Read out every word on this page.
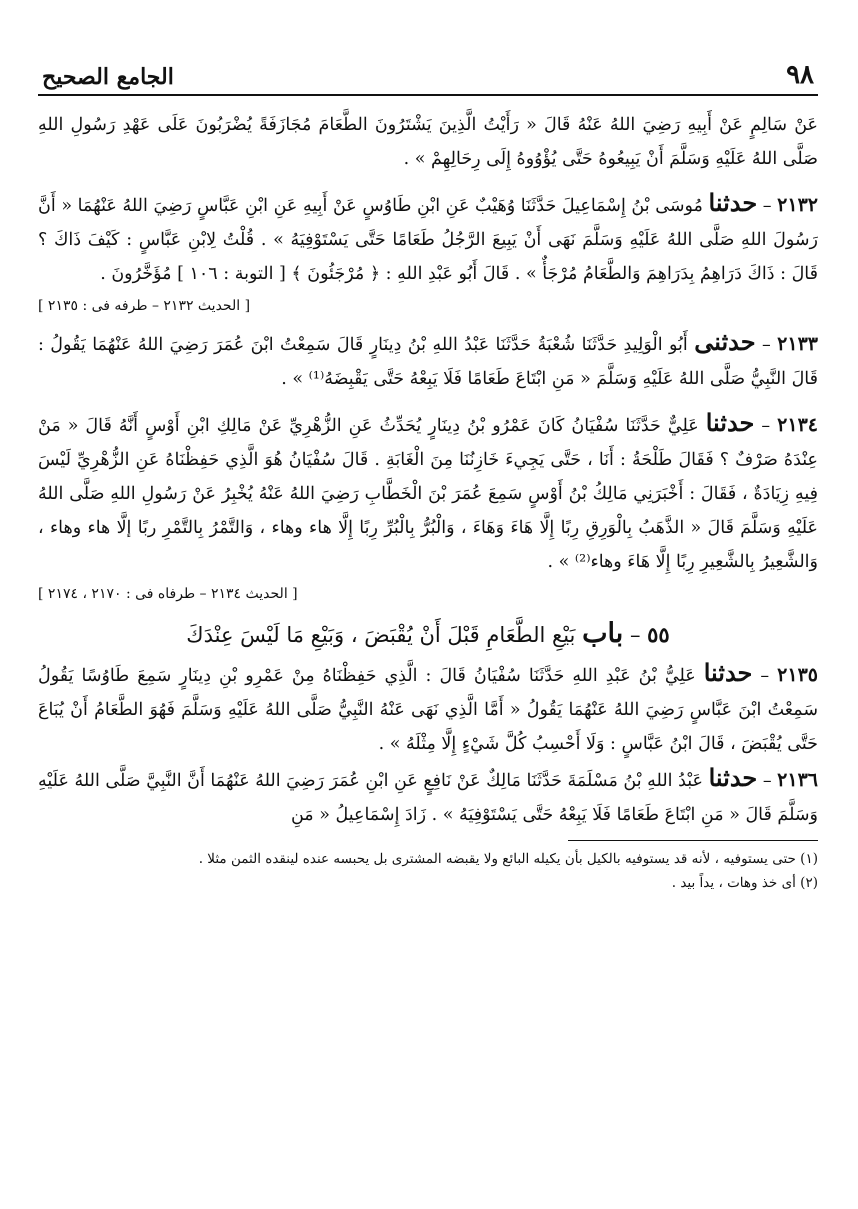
٩٨
الجامع الصحيح

عَنْ سَالِمٍ عَنْ أَبِيهِ رَضِيَ اللهُ عَنْهُ قَالَ « رَأَيْتُ الَّذِينَ يَشْتَرُونَ الطَّعَامَ مُجَازَفَةً يُضْرَبُونَ عَلَى عَهْدِ رَسُولِ اللهِ صَلَّى اللهُ عَلَيْهِ وَسَلَّمَ أَنْ يَبِيعُوهُ حَتَّى يُؤْوُوهُ إِلَى رِحَالِهِمْ » .

٢١٣٢ – حدثنا مُوسَى بْنُ إِسْمَاعِيلَ حَدَّثَنَا وُهَيْبٌ عَنِ ابْنِ طَاوُسٍ عَنْ أَبِيهِ عَنِ ابْنِ عَبَّاسٍ رَضِيَ اللهُ عَنْهُمَا « أَنَّ رَسُولَ اللهِ صَلَّى اللهُ عَلَيْهِ وَسَلَّمَ نَهَى أَنْ يَبِيعَ الرَّجُلُ طَعَامًا حَتَّى يَسْتَوْفِيَهُ » . قُلْتُ لِابْنِ عَبَّاسٍ : كَيْفَ ذَاكَ ؟ قَالَ : ذَاكَ دَرَاهِمُ بِدَرَاهِمَ وَالطَّعَامُ مُرْجَأٌ » . قَالَ أَبُو عَبْدِ اللهِ : ﴿ مُرْجَئُونَ ﴾ [ التوبة : ١٠٦ ] مُؤَخَّرُونَ .

[ الحديث ٢١٣٢ – طرفه فى : ٢١٣٥ ]

٢١٣٣ – حدثنى أَبُو الْوَلِيدِ حَدَّثَنَا شُعْبَةُ حَدَّثَنَا عَبْدُ اللهِ بْنُ دِينَارٍ قَالَ سَمِعْتُ ابْنَ عُمَرَ رَضِيَ اللهُ عَنْهُمَا يَقُولُ : قَالَ النَّبِيُّ صَلَّى اللهُ عَلَيْهِ وَسَلَّمَ « مَنِ ابْتَاعَ طَعَامًا فَلَا يَبِعْهُ حَتَّى يَقْبِضَهُ⁽¹⁾ » .

٢١٣٤ – حدثنا عَلِيٌّ حَدَّثَنَا سُفْيَانُ كَانَ عَمْرُو بْنُ دِينَارٍ يُحَدِّثُ عَنِ الزُّهْرِيِّ عَنْ مَالِكِ ابْنِ أَوْسٍ أَنَّهُ قَالَ « مَنْ عِنْدَهُ صَرْفٌ ؟ فَقَالَ طَلْحَةُ : أَنَا ، حَتَّى يَجِيءَ خَازِنُنَا مِنَ الْغَابَةِ . قَالَ سُفْيَانُ هُوَ الَّذِي حَفِظْنَاهُ عَنِ الزُّهْرِيِّ لَيْسَ فِيهِ زِيَادَةٌ ، فَقَالَ : أَخْبَرَنِي مَالِكُ بْنُ أَوْسٍ سَمِعَ عُمَرَ بْنَ الْخَطَّابِ رَضِيَ اللهُ عَنْهُ يُخْبِرُ عَنْ رَسُولِ اللهِ صَلَّى اللهُ عَلَيْهِ وَسَلَّمَ قَالَ « الذَّهَبُ بِالْوَرِقِ رِبًا إِلَّا هَاءَ وَهَاءَ ، وَالْبُرُّ بِالْبُرِّ رِبًا إِلَّا هاء وهاء ، وَالتَّمْرُ بِالتَّمْرِ ربًا إلَّا هاء وهاء ، وَالشَّعِيرُ بِالشَّعِيرِ رِبًا إِلَّا هَاءَ وهاء⁽²⁾ » .

[ الحديث ٢١٣٤ – طرفاه فى : ٢١٧٠ ، ٢١٧٤ ]
٥٥ – باب بَيْعِ الطَّعَامِ قَبْلَ أَنْ يُقْبَضَ ، وَبَيْعِ مَا لَيْسَ عِنْدَكَ

٢١٣٥ – حدثنا عَلِيُّ بْنُ عَبْدِ اللهِ حَدَّثَنَا سُفْيَانُ قَالَ : الَّذِي حَفِظْنَاهُ مِنْ عَمْرِو بْنِ دِينَارٍ سَمِعَ طَاوُسًا يَقُولُ سَمِعْتُ ابْنَ عَبَّاسٍ رَضِيَ اللهُ عَنْهُمَا يَقُولُ « أَمَّا الَّذِي نَهَى عَنْهُ النَّبِيُّ صَلَّى اللهُ عَلَيْهِ وَسَلَّمَ فَهُوَ الطَّعَامُ أَنْ يُبَاعَ حَتَّى يُقْبَضَ ، قَالَ ابْنُ عَبَّاسٍ : وَلَا أَحْسِبُ كُلَّ شَيْءٍ إِلَّا مِثْلَهُ » .

٢١٣٦ – حدثنا عَبْدُ اللهِ بْنُ مَسْلَمَةَ حَدَّثَنَا مَالِكٌ عَنْ نَافِعٍ عَنِ ابْنِ عُمَرَ رَضِيَ اللهُ عَنْهُمَا أَنَّ النَّبِيَّ صَلَّى اللهُ عَلَيْهِ وَسَلَّمَ قَالَ « مَنِ ابْتَاعَ طَعَامًا فَلَا يَبِعْهُ حَتَّى يَسْتَوْفِيَهُ » . زَادَ إِسْمَاعِيلُ « مَنِ

(١) حتى يستوفيه ، لأنه قد يستوفيه بالكيل بأن يكيله البائع ولا يقبضه المشترى بل يحبسه عنده لينقده الثمن مثلا .

(٢) أى خذ وهات ، يداً بيد .
